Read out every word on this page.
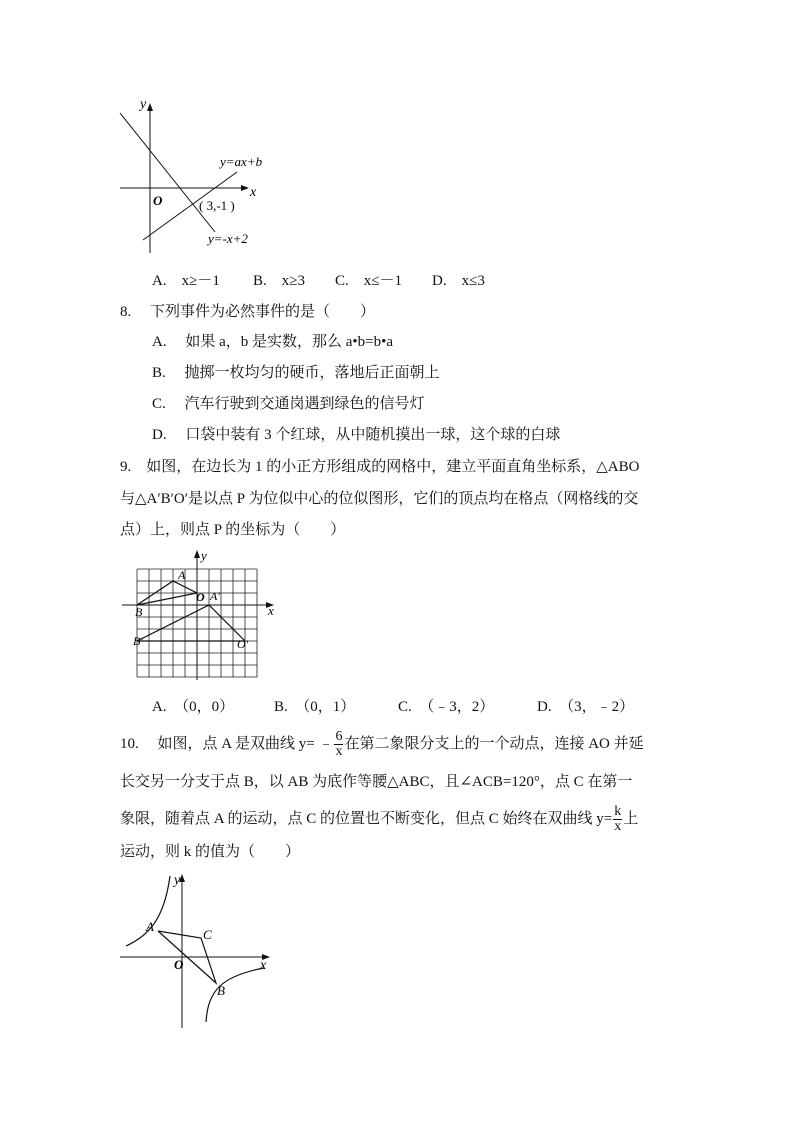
y
x
O
y=ax+b
y=-x+2
( 3,-1 )
A.　x≥－1 B.　x≥3 C.　x≤－1 D.　x≤3
8.　 下列事件为必然事件的是（　　）
A.　 如果 a，b 是实数，那么 a•b=b•a
B.　 抛掷一枚均匀的硬币，落地后正面朝上
C.　 汽车行驶到交通岗遇到绿色的信号灯
D.　 口袋中装有 3 个红球，从中随机摸出一球，这个球的白球
9.　如图，在边长为 1 的小正方形组成的网格中，建立平面直角坐标系，△ABO
与△A′B′O′是以点 P 为位似中心的位似图形，它们的顶点均在格点（网格线的交
点）上，则点 P 的坐标为（　　）
A
O A′
B
B′	O′
y
x
A.　（0，0）	B.　（0，1）	C.　（﹣3，2）	D.　（3，﹣2）
10.　 如图，点 A 是双曲线 y= ﹣ $\frac{6}{x}$ 在第二象限分支上的一个动点，连接 AO 并延
长交另一分支于点 B，以 AB 为底作等腰△ABC，且∠ACB=120°，点 C 在第一
象限，随着点 A 的运动，点 C 的位置也不断变化，但点 C 始终在双曲线 $y= \frac{k}{x}$ 上
运动，则 k 的值为（　　）
A
C
O
B
y
x
